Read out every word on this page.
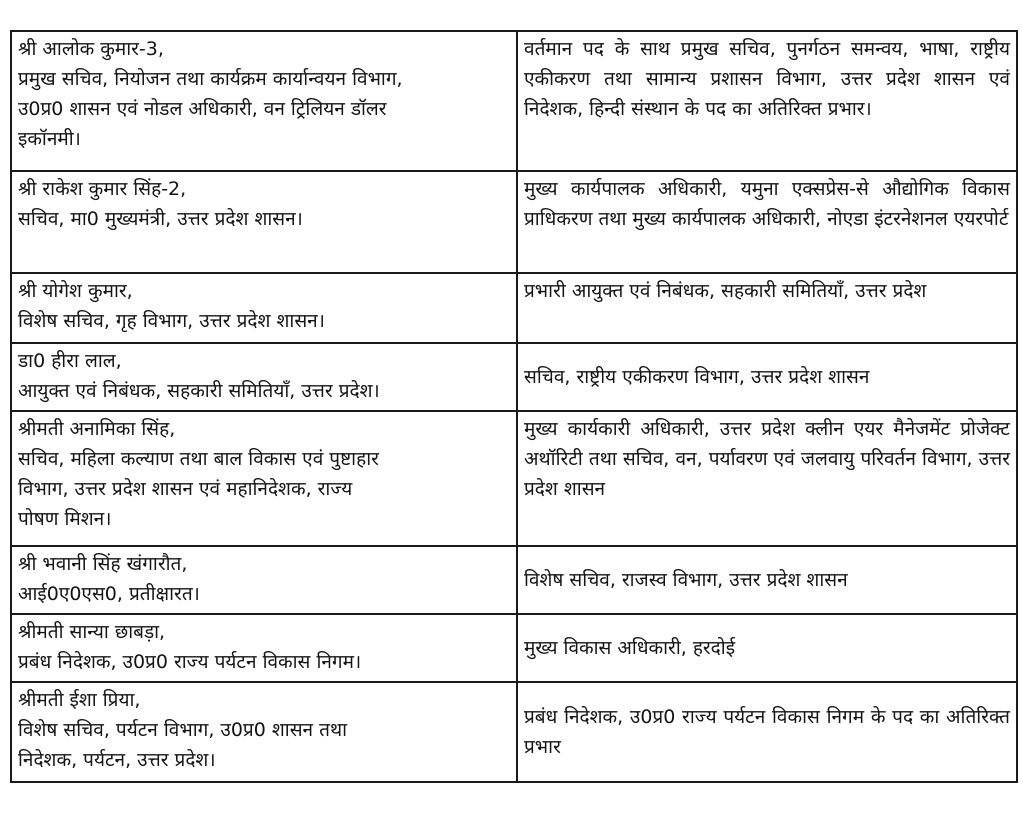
श्री आलोक कुमार-3,
प्रमुख सचिव, नियोजन तथा कार्यक्रम कार्यान्वयन विभाग,
उ0प्र0 शासन एवं नोडल अधिकारी, वन ट्रिलियन डॉलर
इकॉनमी।	वर्तमान पद के साथ प्रमुख सचिव, पुनर्गठन समन्वय, भाषा, राष्ट्रीय एकीकरण तथा सामान्य प्रशासन विभाग, उत्तर प्रदेश शासन एवं निदेशक, हिन्दी संस्थान के पद का अतिरिक्त प्रभार।

श्री राकेश कुमार सिंह-2,
सचिव, मा0 मुख्यमंत्री, उत्तर प्रदेश शासन।	मुख्य कार्यपालक अधिकारी, यमुना एक्सप्रेस-से औद्योगिक विकास प्राधिकरण तथा मुख्य कार्यपालक अधिकारी, नोएडा इंटरनेशनल एयरपोर्ट

श्री योगेश कुमार,
विशेष सचिव, गृह विभाग, उत्तर प्रदेश शासन।	प्रभारी आयुक्त एवं निबंधक, सहकारी समितियॉं, उत्तर प्रदेश

डा0 हीरा लाल,
आयुक्त एवं निबंधक, सहकारी समितियॉं, उत्तर प्रदेश।	सचिव, राष्ट्रीय एकीकरण विभाग, उत्तर प्रदेश शासन

श्रीमती अनामिका सिंह,
सचिव, महिला कल्याण तथा बाल विकास एवं पुष्टाहार
विभाग, उत्तर प्रदेश शासन एवं महानिदेशक, राज्य
पोषण मिशन।	मुख्य कार्यकारी अधिकारी, उत्तर प्रदेश क्लीन एयर मैनेजमेंट प्रोजेक्ट अथॉरिटी तथा सचिव, वन, पर्यावरण एवं जलवायु परिवर्तन विभाग, उत्तर प्रदेश शासन

श्री भवानी सिंह खंगारौत,
आई0ए0एस0, प्रतीक्षारत।	विशेष सचिव, राजस्व विभाग, उत्तर प्रदेश शासन

श्रीमती सान्या छाबड़ा,
प्रबंध निदेशक, उ0प्र0 राज्य पर्यटन विकास निगम।	मुख्य विकास अधिकारी, हरदोई

श्रीमती ईशा प्रिया,
विशेष सचिव, पर्यटन विभाग, उ0प्र0 शासन तथा
निदेशक, पर्यटन, उत्तर प्रदेश।	प्रबंध निदेशक, उ0प्र0 राज्य पर्यटन विकास निगम के पद का अतिरिक्त प्रभार
